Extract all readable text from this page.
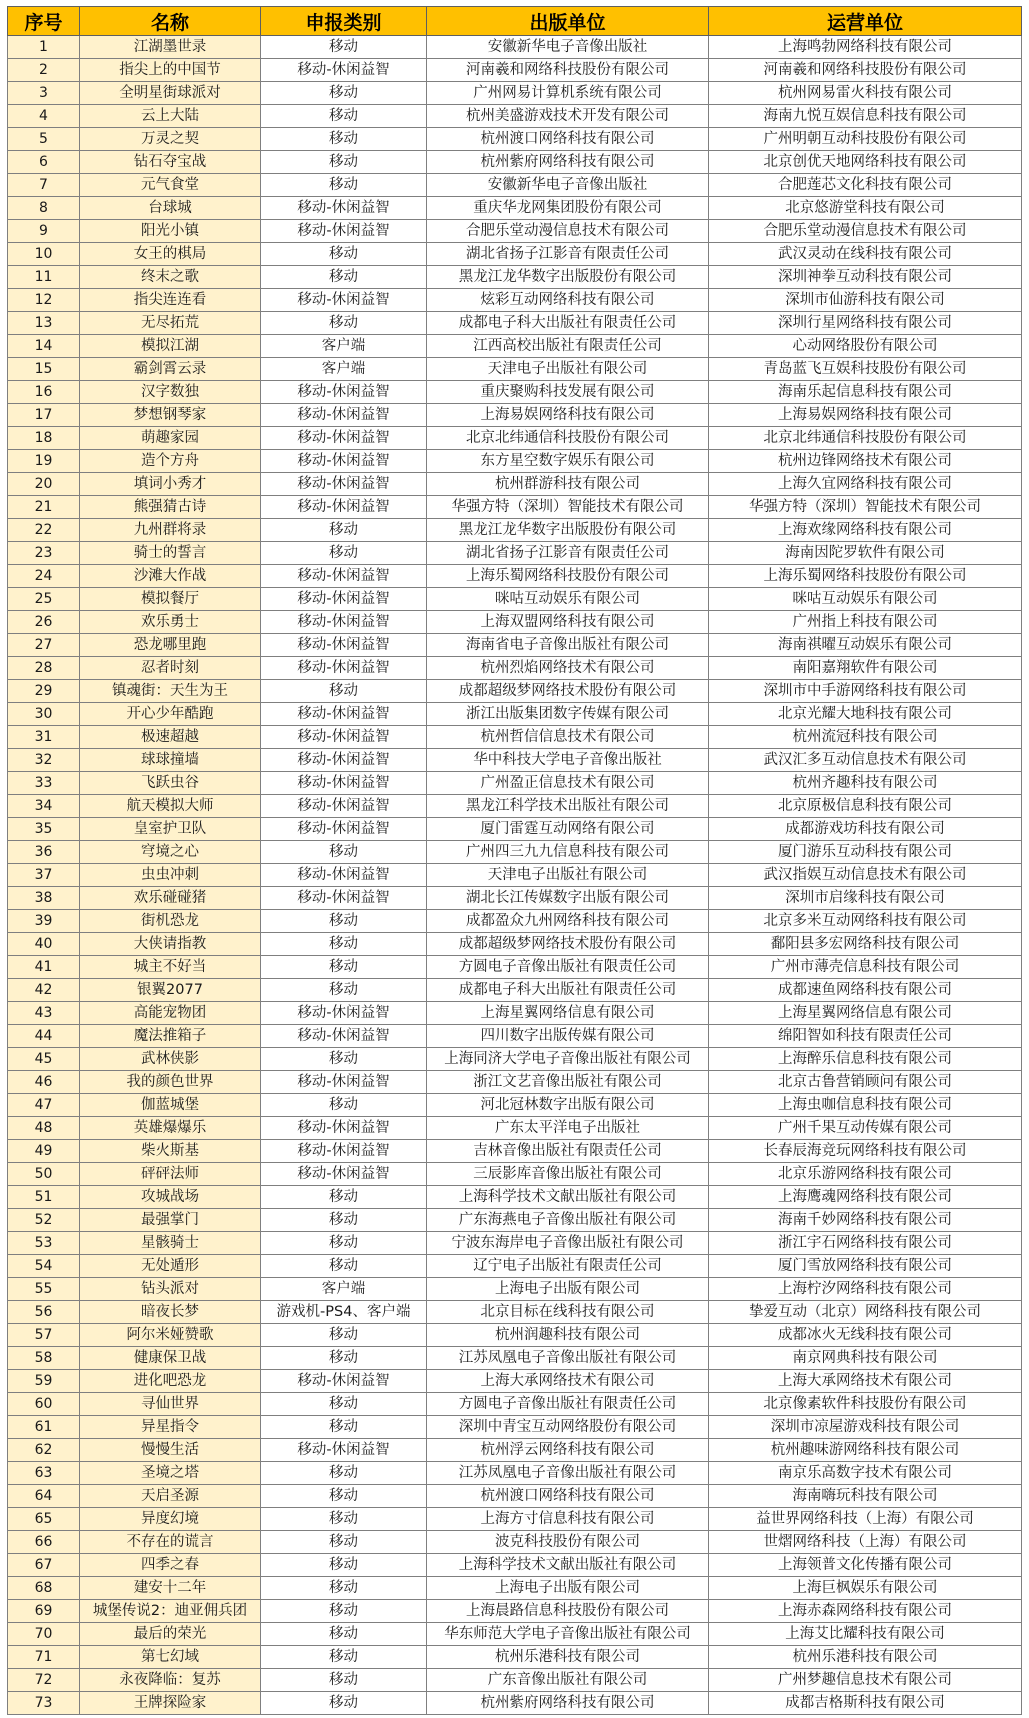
序号	名称	申报类别	出版单位	运营单位
1	江湖墨世录	移动	安徽新华电子音像出版社	上海鸣勃网络科技有限公司
2	指尖上的中国节	移动-休闲益智	河南羲和网络科技股份有限公司	河南羲和网络科技股份有限公司
3	全明星街球派对	移动	广州网易计算机系统有限公司	杭州网易雷火科技有限公司
4	云上大陆	移动	杭州美盛游戏技术开发有限公司	海南九悦互娱信息科技有限公司
5	万灵之契	移动	杭州渡口网络科技有限公司	广州明朝互动科技股份有限公司
6	钻石夺宝战	移动	杭州紫府网络科技有限公司	北京创优天地网络科技有限公司
7	元气食堂	移动	安徽新华电子音像出版社	合肥莲芯文化科技有限公司
8	台球城	移动-休闲益智	重庆华龙网集团股份有限公司	北京悠游堂科技有限公司
9	阳光小镇	移动-休闲益智	合肥乐堂动漫信息技术有限公司	合肥乐堂动漫信息技术有限公司
10	女王的棋局	移动	湖北省扬子江影音有限责任公司	武汉灵动在线科技有限公司
11	终末之歌	移动	黑龙江龙华数字出版股份有限公司	深圳神拳互动科技有限公司
12	指尖连连看	移动-休闲益智	炫彩互动网络科技有限公司	深圳市仙游科技有限公司
13	无尽拓荒	移动	成都电子科大出版社有限责任公司	深圳行星网络科技有限公司
14	模拟江湖	客户端	江西高校出版社有限责任公司	心动网络股份有限公司
15	霸剑霄云录	客户端	天津电子出版社有限公司	青岛蓝飞互娱科技股份有限公司
16	汉字数独	移动-休闲益智	重庆聚购科技发展有限公司	海南乐起信息科技有限公司
17	梦想钢琴家	移动-休闲益智	上海易娱网络科技有限公司	上海易娱网络科技有限公司
18	萌趣家园	移动-休闲益智	北京北纬通信科技股份有限公司	北京北纬通信科技股份有限公司
19	造个方舟	移动-休闲益智	东方星空数字娱乐有限公司	杭州边锋网络技术有限公司
20	填词小秀才	移动-休闲益智	杭州群游科技有限公司	上海久宜网络科技有限公司
21	熊强猜古诗	移动-休闲益智	华强方特（深圳）智能技术有限公司	华强方特（深圳）智能技术有限公司
22	九州群将录	移动	黑龙江龙华数字出版股份有限公司	上海欢缘网络科技有限公司
23	骑士的誓言	移动	湖北省扬子江影音有限责任公司	海南因陀罗软件有限公司
24	沙滩大作战	移动-休闲益智	上海乐蜀网络科技股份有限公司	上海乐蜀网络科技股份有限公司
25	模拟餐厅	移动-休闲益智	咪咕互动娱乐有限公司	咪咕互动娱乐有限公司
26	欢乐勇士	移动-休闲益智	上海双盟网络科技有限公司	广州指上科技有限公司
27	恐龙哪里跑	移动-休闲益智	海南省电子音像出版社有限公司	海南祺曜互动娱乐有限公司
28	忍者时刻	移动-休闲益智	杭州烈焰网络技术有限公司	南阳嘉翔软件有限公司
29	镇魂街：天生为王	移动	成都超级梦网络技术股份有限公司	深圳市中手游网络科技有限公司
30	开心少年酷跑	移动-休闲益智	浙江出版集团数字传媒有限公司	北京光耀大地科技有限公司
31	极速超越	移动-休闲益智	杭州哲信信息技术有限公司	杭州流冠科技有限公司
32	球球撞墙	移动-休闲益智	华中科技大学电子音像出版社	武汉汇多互动信息技术有限公司
33	飞跃虫谷	移动-休闲益智	广州盈正信息技术有限公司	杭州齐趣科技有限公司
34	航天模拟大师	移动-休闲益智	黑龙江科学技术出版社有限公司	北京原极信息科技有限公司
35	皇室护卫队	移动-休闲益智	厦门雷霆互动网络有限公司	成都游戏坊科技有限公司
36	穹境之心	移动	广州四三九九信息科技有限公司	厦门游乐互动科技有限公司
37	虫虫冲刺	移动-休闲益智	天津电子出版社有限公司	武汉指娱互动信息技术有限公司
38	欢乐碰碰猪	移动-休闲益智	湖北长江传媒数字出版有限公司	深圳市启缘科技有限公司
39	街机恐龙	移动	成都盈众九州网络科技有限公司	北京多米互动网络科技有限公司
40	大侠请指教	移动	成都超级梦网络技术股份有限公司	鄱阳县多宏网络科技有限公司
41	城主不好当	移动	方圆电子音像出版社有限责任公司	广州市薄壳信息科技有限公司
42	银翼2077	移动	成都电子科大出版社有限责任公司	成都速鱼网络科技有限公司
43	高能宠物团	移动-休闲益智	上海星翼网络信息有限公司	上海星翼网络信息有限公司
44	魔法推箱子	移动-休闲益智	四川数字出版传媒有限公司	绵阳智如科技有限责任公司
45	武林侠影	移动	上海同济大学电子音像出版社有限公司	上海醉乐信息科技有限公司
46	我的颜色世界	移动-休闲益智	浙江文艺音像出版社有限公司	北京古鲁营销顾问有限公司
47	伽蓝城堡	移动	河北冠林数字出版有限公司	上海虫咖信息科技有限公司
48	英雄爆爆乐	移动-休闲益智	广东太平洋电子出版社	广州千果互动传媒有限公司
49	柴火斯基	移动-休闲益智	吉林音像出版社有限责任公司	长春辰海竞玩网络科技有限公司
50	砰砰法师	移动-休闲益智	三辰影库音像出版社有限公司	北京乐游网络科技有限公司
51	攻城战场	移动	上海科学技术文献出版社有限公司	上海鹰魂网络科技有限公司
52	最强掌门	移动	广东海燕电子音像出版社有限公司	海南千妙网络科技有限公司
53	星骸骑士	移动	宁波东海岸电子音像出版社有限公司	浙江宇石网络科技有限公司
54	无处遁形	移动	辽宁电子出版社有限责任公司	厦门雪放网络科技有限公司
55	钻头派对	客户端	上海电子出版有限公司	上海柠汐网络科技有限公司
56	暗夜长梦	游戏机-PS4、客户端	北京目标在线科技有限公司	挚爱互动（北京）网络科技有限公司
57	阿尔米娅赞歌	移动	杭州润趣科技有限公司	成都冰火无线科技有限公司
58	健康保卫战	移动	江苏凤凰电子音像出版社有限公司	南京网典科技有限公司
59	进化吧恐龙	移动-休闲益智	上海大承网络技术有限公司	上海大承网络技术有限公司
60	寻仙世界	移动	方圆电子音像出版社有限责任公司	北京像素软件科技股份有限公司
61	异星指令	移动	深圳中青宝互动网络股份有限公司	深圳市凉屋游戏科技有限公司
62	慢慢生活	移动-休闲益智	杭州浮云网络科技有限公司	杭州趣味游网络科技有限公司
63	圣境之塔	移动	江苏凤凰电子音像出版社有限公司	南京乐高数字技术有限公司
64	天启圣源	移动	杭州渡口网络科技有限公司	海南嗨玩科技有限公司
65	异度幻境	移动	上海方寸信息科技有限公司	益世界网络科技（上海）有限公司
66	不存在的谎言	移动	波克科技股份有限公司	世熠网络科技（上海）有限公司
67	四季之春	移动	上海科学技术文献出版社有限公司	上海领普文化传播有限公司
68	建安十二年	移动	上海电子出版有限公司	上海巨枫娱乐有限公司
69	城堡传说2：迪亚佣兵团	移动	上海晨路信息科技股份有限公司	上海赤森网络科技有限公司
70	最后的荣光	移动	华东师范大学电子音像出版社有限公司	上海艾比耀科技有限公司
71	第七幻域	移动	杭州乐港科技有限公司	杭州乐港科技有限公司
72	永夜降临：复苏	移动	广东音像出版社有限公司	广州梦趣信息技术有限公司
73	王牌探险家	移动	杭州紫府网络科技有限公司	成都吉格斯科技有限公司
